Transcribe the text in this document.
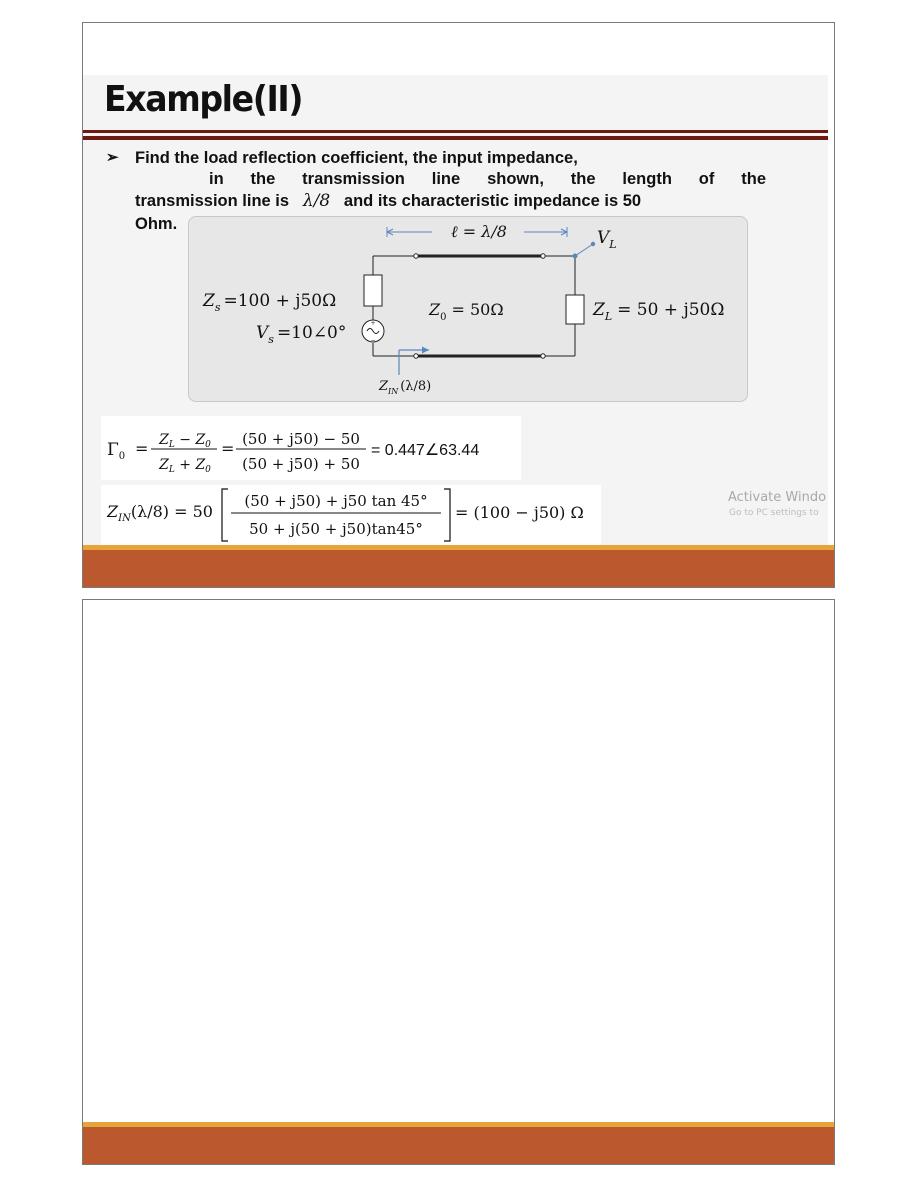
Example(II)
➢ Find the load reflection coefficient, the input impedance,
in the transmission line shown, the length of the
transmission line is λ/8 and its characteristic impedance is 50
Ohm.
+
−
ℓ = λ/8	$V_L$
$Z_s =100 + j50\Omega$
$V_s$ =10∠0°
$Z_0 = 50\Omega$	$Z_L = 50 + j50\Omega$
$Z_{IN}$ (λ/8)
$\Gamma_0 = Z_L - Z_0$
$Z_L + Z_0$
= (50 + j50) − 50
(50 + j50) + 50
= 0.447∠63.44
$Z_{IN}(\lambda/8) = 50$
(50 + j50) + j50 tan 45°
50 + j(50 + j50)tan45°
= (100 − j50) Ω
Activate Windo
Go to PC settings to
